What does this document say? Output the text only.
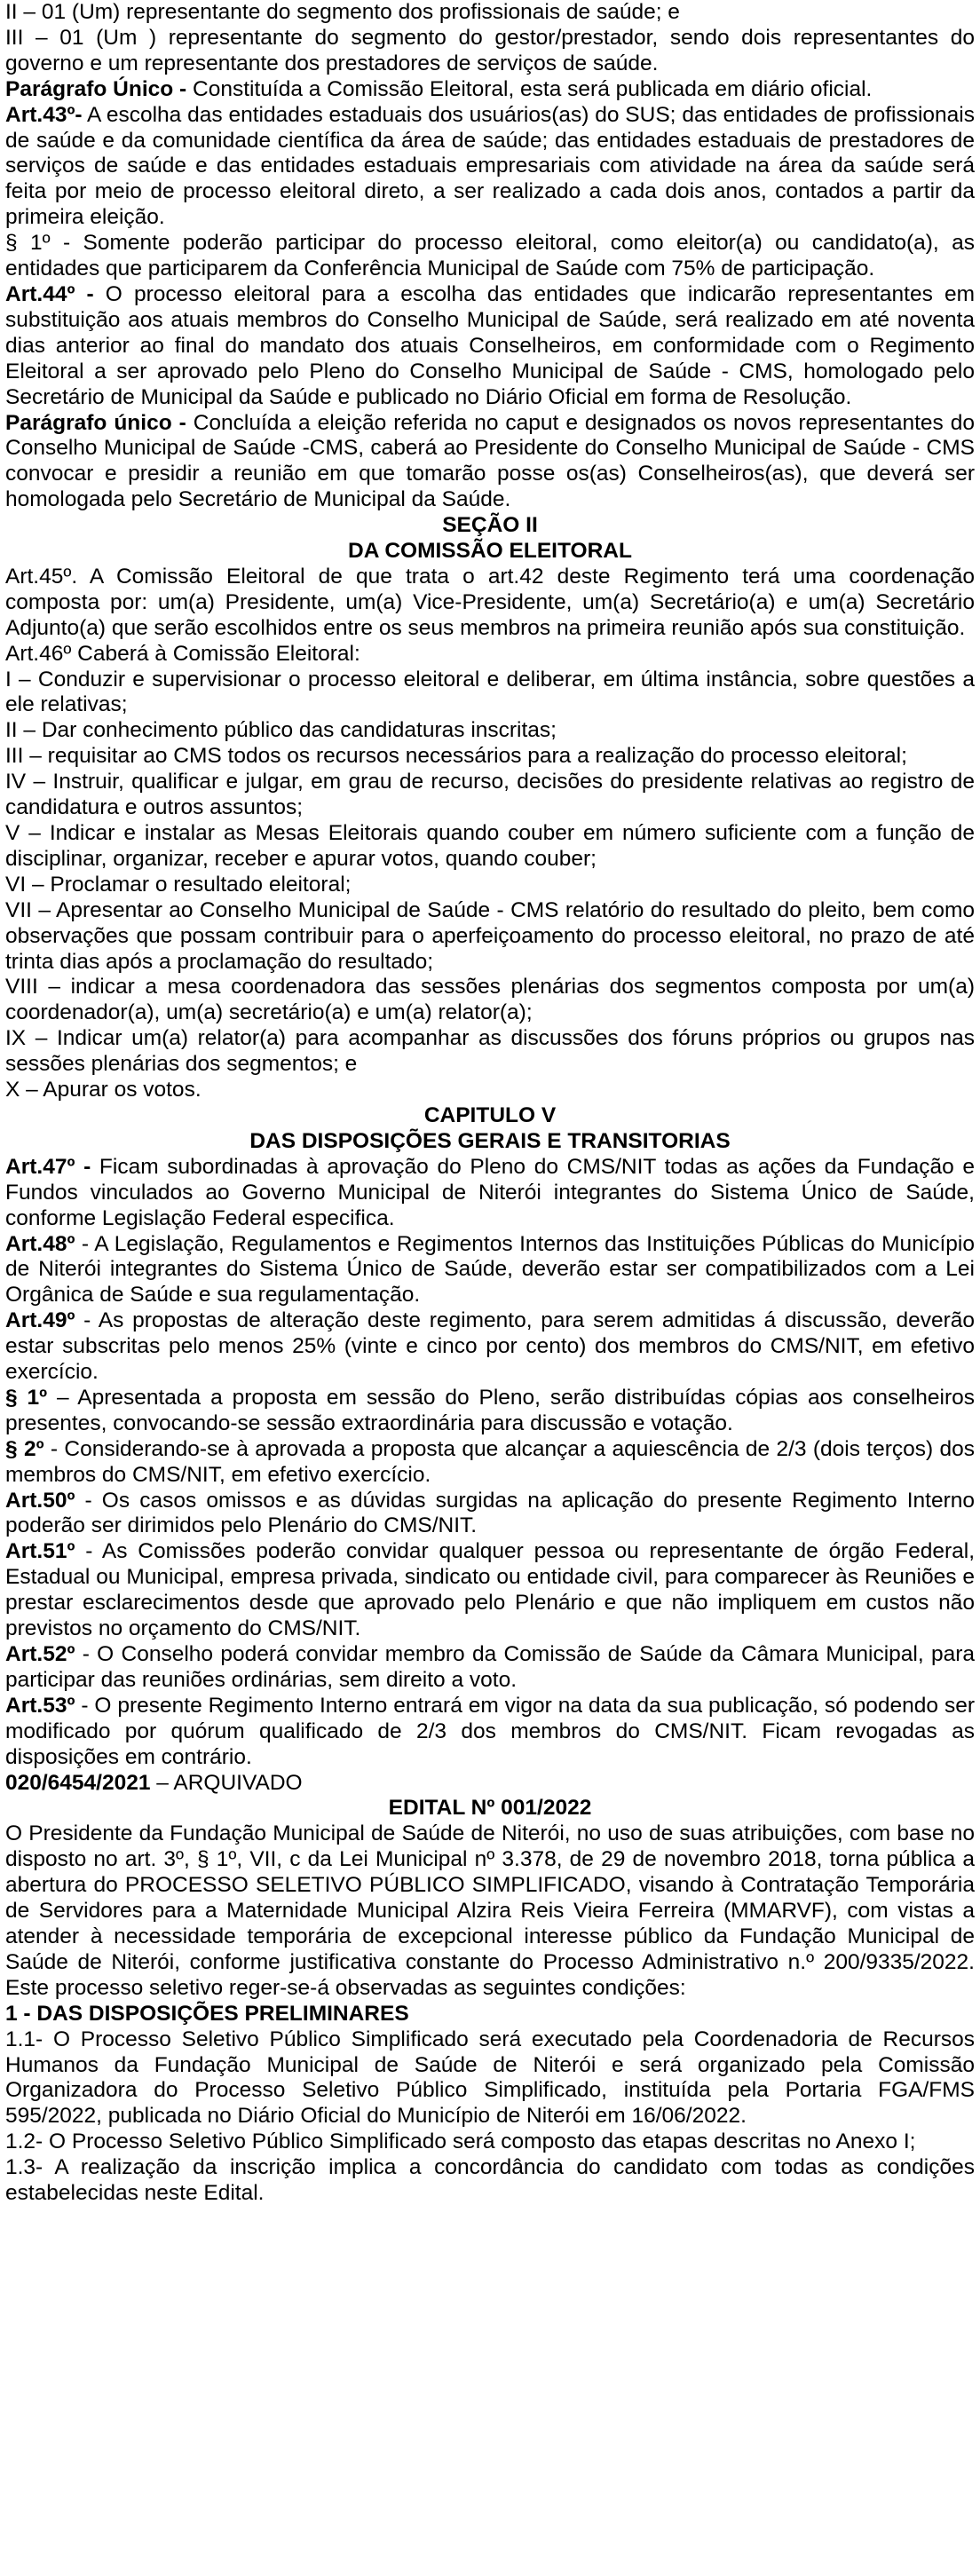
II – 01 (Um) representante do segmento dos profissionais de saúde; e

III – 01 (Um ) representante do segmento do gestor/prestador, sendo dois representantes do governo e um representante dos prestadores de serviços de saúde.

Parágrafo Único - Constituída a Comissão Eleitoral, esta será publicada em diário oficial.

Art.43º- A escolha das entidades estaduais dos usuários(as) do SUS; das entidades de profissionais de saúde e da comunidade científica da área de saúde; das entidades estaduais de prestadores de serviços de saúde e das entidades estaduais empresariais com atividade na área da saúde será feita por meio de processo eleitoral direto, a ser realizado a cada dois anos, contados a partir da primeira eleição.

§ 1º - Somente poderão participar do processo eleitoral, como eleitor(a) ou candidato(a), as entidades que participarem da Conferência Municipal de Saúde com 75% de participação.

Art.44º - O processo eleitoral para a escolha das entidades que indicarão representantes em substituição aos atuais membros do Conselho Municipal de Saúde, será realizado em até noventa dias anterior ao final do mandato dos atuais Conselheiros, em conformidade com o Regimento Eleitoral a ser aprovado pelo Pleno do Conselho Municipal de Saúde - CMS, homologado pelo Secretário de Municipal da Saúde e publicado no Diário Oficial em forma de Resolução.

Parágrafo único - Concluída a eleição referida no caput e designados os novos representantes do Conselho Municipal de Saúde -CMS, caberá ao Presidente do Conselho Municipal de Saúde - CMS convocar e presidir a reunião em que tomarão posse os(as) Conselheiros(as), que deverá ser homologada pelo Secretário de Municipal da Saúde.

SEÇÃO II
DA COMISSÃO ELEITORAL

Art.45º. A Comissão Eleitoral de que trata o art.42 deste Regimento terá uma coordenação composta por: um(a) Presidente, um(a) Vice-Presidente, um(a) Secretário(a) e um(a) Secretário Adjunto(a) que serão escolhidos entre os seus membros na primeira reunião após sua constituição.

Art.46º Caberá à Comissão Eleitoral:

I – Conduzir e supervisionar o processo eleitoral e deliberar, em última instância, sobre questões a ele relativas;

II – Dar conhecimento público das candidaturas inscritas;

III – requisitar ao CMS todos os recursos necessários para a realização do processo eleitoral;

IV – Instruir, qualificar e julgar, em grau de recurso, decisões do presidente relativas ao registro de candidatura e outros assuntos;

V – Indicar e instalar as Mesas Eleitorais quando couber em número suficiente com a função de disciplinar, organizar, receber e apurar votos, quando couber;

VI – Proclamar o resultado eleitoral;

VII – Apresentar ao Conselho Municipal de Saúde - CMS relatório do resultado do pleito, bem como observações que possam contribuir para o aperfeiçoamento do processo eleitoral, no prazo de até trinta dias após a proclamação do resultado;

VIII – indicar a mesa coordenadora das sessões plenárias dos segmentos composta por um(a) coordenador(a), um(a) secretário(a) e um(a) relator(a);

IX – Indicar um(a) relator(a) para acompanhar as discussões dos fóruns próprios ou grupos nas sessões plenárias dos segmentos; e

X – Apurar os votos.

CAPITULO V
DAS DISPOSIÇÕES GERAIS E TRANSITORIAS

Art.47º - Ficam subordinadas à aprovação do Pleno do CMS/NIT todas as ações da Fundação e Fundos vinculados ao Governo Municipal de Niterói integrantes do Sistema Único de Saúde, conforme Legislação Federal especifica.

Art.48º - A Legislação, Regulamentos e Regimentos Internos das Instituições Públicas do Município de Niterói integrantes do Sistema Único de Saúde, deverão estar ser compatibilizados com a Lei Orgânica de Saúde e sua regulamentação.

Art.49º - As propostas de alteração deste regimento, para serem admitidas á discussão, deverão estar subscritas pelo menos 25% (vinte e cinco por cento) dos membros do CMS/NIT, em efetivo exercício.

§ 1º – Apresentada a proposta em sessão do Pleno, serão distribuídas cópias aos conselheiros presentes, convocando-se sessão extraordinária para discussão e votação.

§ 2º - Considerando-se à aprovada a proposta que alcançar a aquiescência de 2/3 (dois terços) dos membros do CMS/NIT, em efetivo exercício.

Art.50º - Os casos omissos e as dúvidas surgidas na aplicação do presente Regimento Interno poderão ser dirimidos pelo Plenário do CMS/NIT.

Art.51º - As Comissões poderão convidar qualquer pessoa ou representante de órgão Federal, Estadual ou Municipal, empresa privada, sindicato ou entidade civil, para comparecer às Reuniões e prestar esclarecimentos desde que aprovado pelo Plenário e que não impliquem em custos não previstos no orçamento do CMS/NIT.

Art.52º - O Conselho poderá convidar membro da Comissão de Saúde da Câmara Municipal, para participar das reuniões ordinárias, sem direito a voto.

Art.53º - O presente Regimento Interno entrará em vigor na data da sua publicação, só podendo ser modificado por quórum qualificado de 2/3 dos membros do CMS/NIT. Ficam revogadas as disposições em contrário.

020/6454/2021 – ARQUIVADO

EDITAL Nº 001/2022

O Presidente da Fundação Municipal de Saúde de Niterói, no uso de suas atribuições, com base no disposto no art. 3º, § 1º, VII, c da Lei Municipal nº 3.378, de 29 de novembro 2018, torna pública a abertura do PROCESSO SELETIVO PÚBLICO SIMPLIFICADO, visando à Contratação Temporária de Servidores para a Maternidade Municipal Alzira Reis Vieira Ferreira (MMARVF), com vistas a atender à necessidade temporária de excepcional interesse público da Fundação Municipal de Saúde de Niterói, conforme justificativa constante do Processo Administrativo n.º 200/9335/2022. Este processo seletivo reger-se-á observadas as seguintes condições:

1 - DAS DISPOSIÇÕES PRELIMINARES

1.1- O Processo Seletivo Público Simplificado será executado pela Coordenadoria de Recursos Humanos da Fundação Municipal de Saúde de Niterói e será organizado pela Comissão Organizadora do Processo Seletivo Público Simplificado, instituída pela Portaria FGA/FMS 595/2022, publicada no Diário Oficial do Município de Niterói em 16/06/2022.

1.2- O Processo Seletivo Público Simplificado será composto das etapas descritas no Anexo I;

1.3- A realização da inscrição implica a concordância do candidato com todas as condições estabelecidas neste Edital.
